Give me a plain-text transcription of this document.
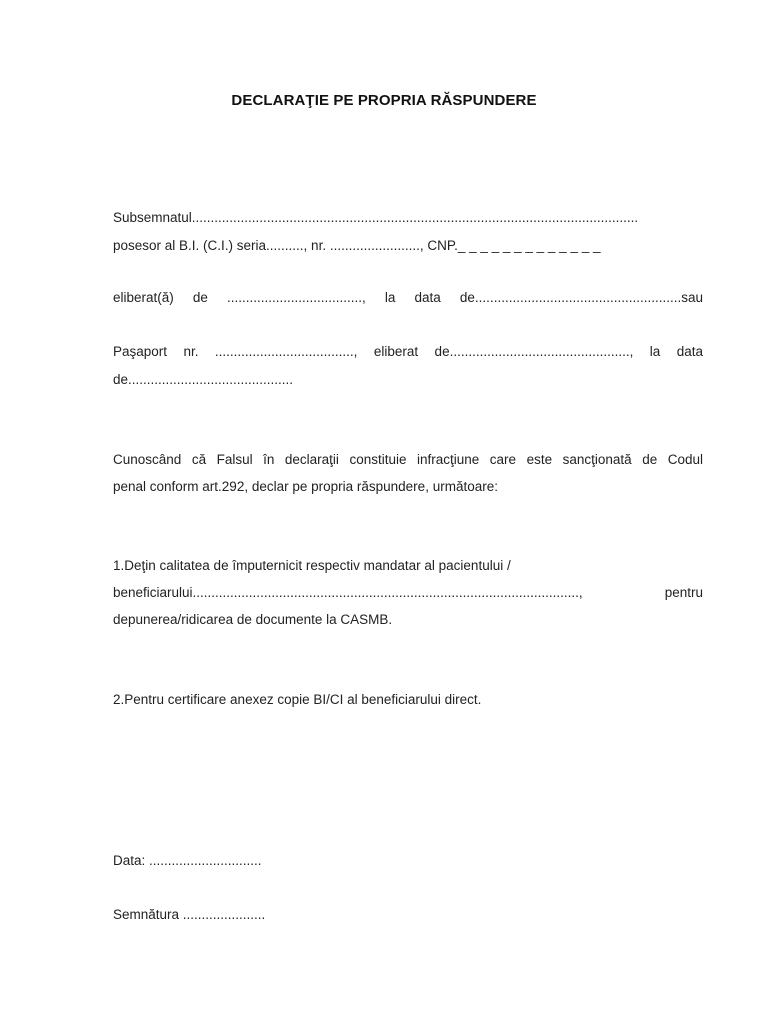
DECLARAŢIE PE PROPRIA RĂSPUNDERE
Subsemnatul.......................................................................................................................
posesor al B.I. (C.I.) seria.........., nr. ........................, CNP._ _ _ _ _ _ _ _ _ _ _ _ _
eliberat(ă) de ...................................., la data de.......................................................sau
Paşaport nr. ....................................., eliberat de................................................, la data
de............................................
Cunoscând că Falsul în declaraţii constituie infracţiune care este sancţionată de Codul
penal conform art.292, declar pe propria răspundere, următoare:
1.Deţin calitatea de împuternicit respectiv mandatar al pacientului /
beneficiarului......................................................................................................., pentru
depunerea/ridicarea de documente la CASMB.
2.Pentru certificare anexez copie BI/CI al beneficiarului direct.
Data: ..............................
Semnătura ......................
